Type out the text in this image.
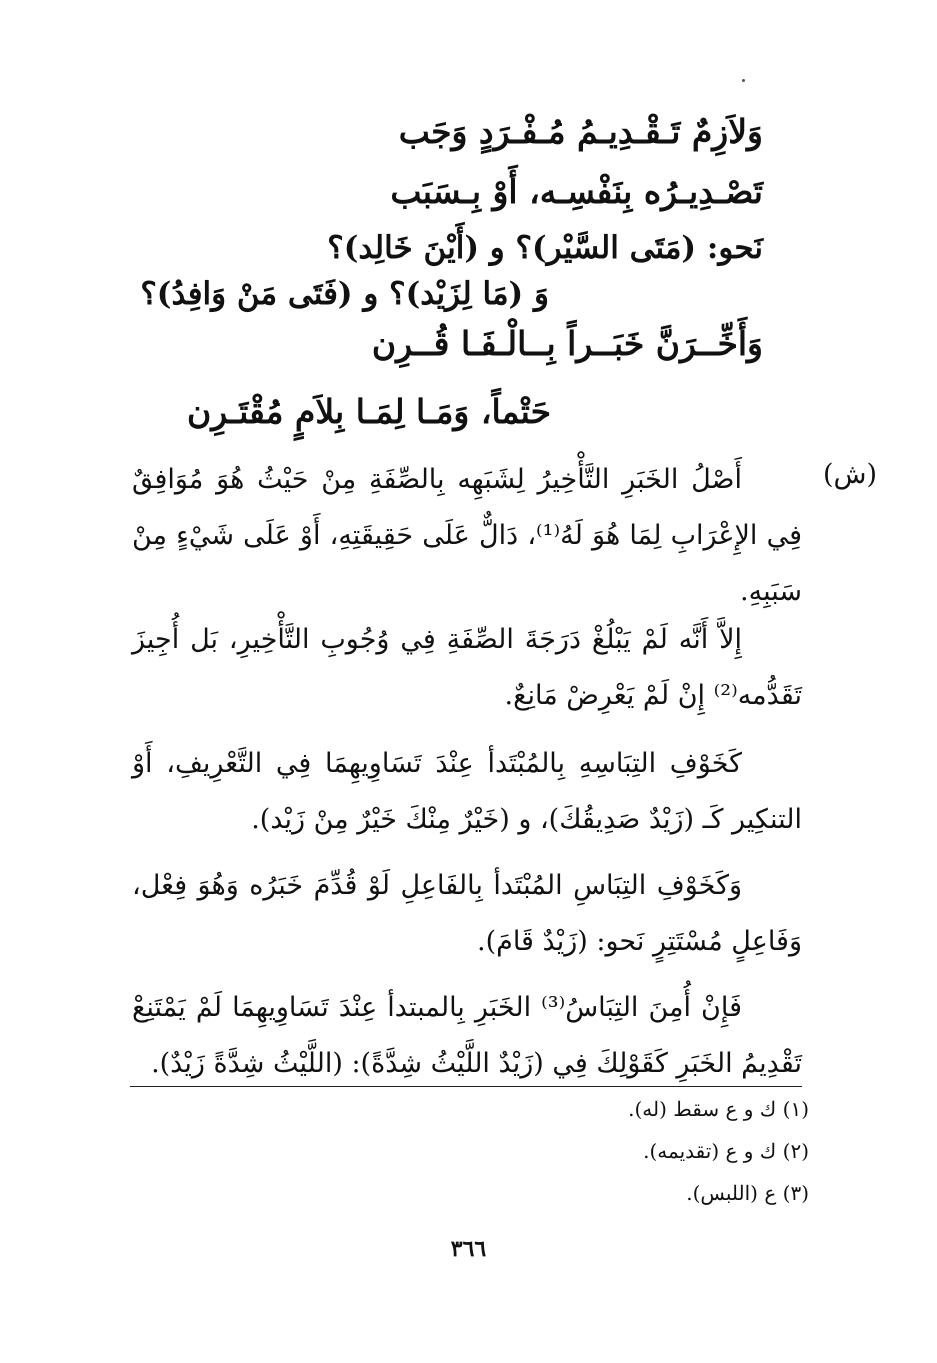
وَلاَزِمٌ تَـقْـدِيـمُ مُـفْـرَدٍ وَجَب
تَصْـدِيـرُه بِنَفْسِـه، أَوْ بِـسَبَب
نَحو: (مَتَى السَّيْر)؟ و (أَيْنَ خَالِد)؟
وَ (مَا لِزَيْد)؟ و (فَتَى مَنْ وَافِدُ)؟
وَأَخِّــرَنَّ خَبَــراً بِــالْـفَـا قُــرِن
حَتْماً، وَمَـا لِمَـا بِلاَمٍ مُقْتَـرِن
(ش)
أَصْلُ الخَبَرِ التَّأْخِيرُ لِشَبَهِه بِالصِّفَةِ مِنْ حَيْثُ هُوَ مُوَافِقٌ فِي الإِعْرَابِ لِمَا هُوَ لَهُ⁽¹⁾، دَالٌّ عَلَى حَقِيقَتِهِ، أَوْ عَلَى شَيْءٍ مِنْ سَبَبِهِ.
إِلاَّ أَنَّه لَمْ يَبْلُغْ دَرَجَةَ الصِّفَةِ فِي وُجُوبِ التَّأْخِيرِ، بَل أُجِيزَ تَقَدُّمه⁽²⁾ إِنْ لَمْ يَعْرِضْ مَانِعٌ.
كَخَوْفِ التِبَاسِهِ بِالمُبْتَدأ عِنْدَ تَسَاوِيهِمَا فِي التَّعْرِيفِ، أَوْ التنكِير كَـ (زَيْدٌ صَدِيقُكَ)، و (خَيْرٌ مِنْكَ خَيْرٌ مِنْ زَيْد).
وَكَخَوْفِ التِبَاسِ المُبْتَدأ بِالفَاعِلِ لَوْ قُدِّمَ خَبَرُه وَهُوَ فِعْل، وَفَاعِلٍ مُسْتَتِرٍ نَحو: (زَيْدٌ قَامَ).
فَإِنْ أُمِنَ التِبَاسُ⁽³⁾ الخَبَرِ بِالمبتدأ عِنْدَ تَسَاوِيهِمَا لَمْ يَمْتَنِعْ تَقْدِيمُ الخَبَرِ كَقَوْلِكَ فِي (زَيْدٌ اللَّيْثُ شِدَّةً): (اللَّيْثُ شِدَّةً زَيْدٌ).
(١) ك و ع سقط (له).
(٢) ك و ع (تقديمه).
(٣) ع (اللبس).
٣٦٦
